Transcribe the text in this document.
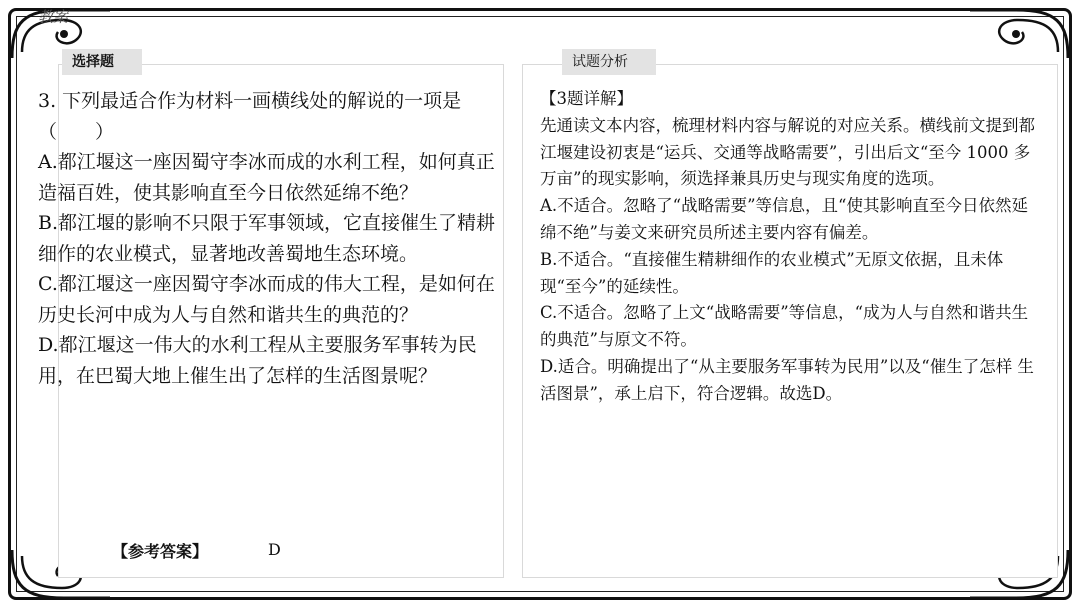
教案
选择题	试题分析

3. 下列最适合作为材料一画横线处的解说的一项是（　　）

A.都江堰这一座因蜀守李冰而成的水利工程，如何真正造福百姓，使其影响直至今日依然延绵不绝？

B.都江堰的影响不只限于军事领域，它直接催生了精耕细作的农业模式，显著地改善蜀地生态环境。

C.都江堰这一座因蜀守李冰而成的伟大工程，是如何在历史长河中成为人与自然和谐共生的典范的？

D.都江堰这一伟大的水利工程从主要服务军事转为民用，在巴蜀大地上催生出了怎样的生活图景呢？

【参考答案】	D

【3题详解】

先通读文本内容，梳理材料内容与解说的对应关系。横线前文提到都江堰建设初衷是“运兵、交通等战略需要”，引出后文“至今 1000 多万亩”的现实影响，须选择兼具历史与现实角度的选项。

A.不适合。忽略了“战略需要”等信息，且“使其影响直至今日依然延绵不绝”与姜文来研究员所述主要内容有偏差。

B.不适合。“直接催生精耕细作的农业模式”无原文依据，且未体现“至今”的延续性。

C.不适合。忽略了上文“战略需要”等信息，“成为人与自然和谐共生的典范”与原文不符。

D.适合。明确提出了“从主要服务军事转为民用”以及“催生了怎样 生活图景”，承上启下，符合逻辑。故选D。
